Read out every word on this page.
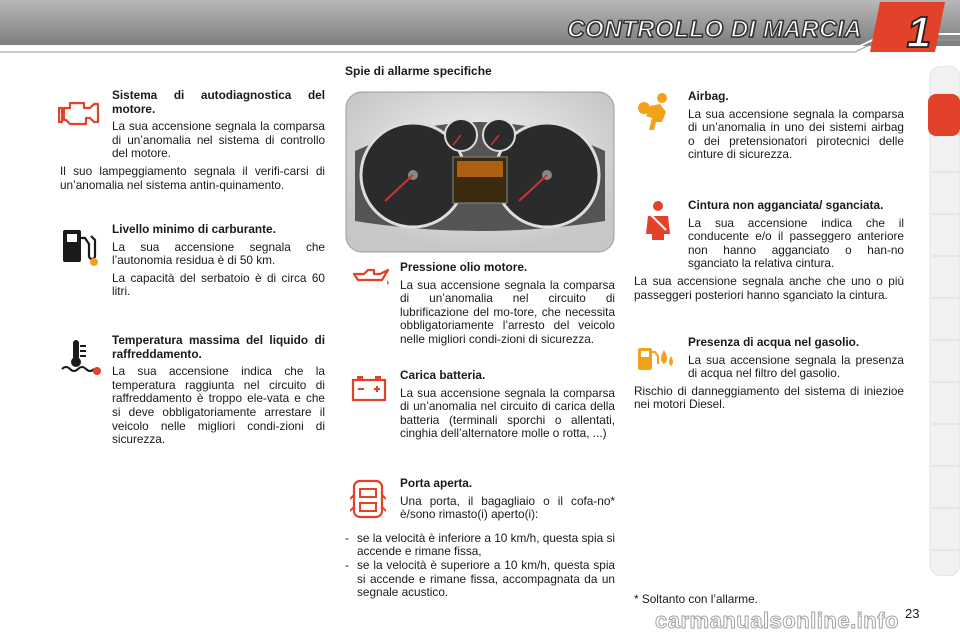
CONTROLLO DI MARCIA 1
Spie di allarme specifiche
Sistema di autodiagnostica del motore.

La sua accensione segnala la comparsa di un’anomalia nel sistema di controllo del motore.

Il suo lampeggiamento segnala il verifi-carsi di un’anomalia nel sistema antin-quinamento.

Livello minimo di carburante.

La sua accensione segnala che l’autonomia residua è di 50 km.

La capacità del serbatoio è di circa 60 litri.

Temperatura massima del liquido di raffreddamento.

La sua accensione indica che la temperatura raggiunta nel circuito di raffreddamento è troppo ele-vata e che si deve obbligatoriamente arrestare il veicolo nelle migliori condi-zioni di sicurezza.

Pressione olio motore.

La sua accensione segnala la comparsa di un’anomalia nel circuito di lubrificazione del mo-tore, che necessita obbligatoriamente l’arresto del veicolo nelle migliori condi-zioni di sicurezza.

Carica batteria.

La sua accensione segnala la comparsa di un’anomalia nel circuito di carica della batteria (terminali sporchi o allentati, cinghia dell’alternatore molle o rotta, ...)

Porta aperta.

Una porta, il bagagliaio o il cofa-no* è/sono rimasto(i) aperto(i):

- se la velocità è inferiore a 10 km/h, questa spia si accende e rimane fissa,
- se la velocità è superiore a 10 km/h, questa spia si accende e rimane fissa, accompagnata da un segnale acustico.
Airbag.

La sua accensione segnala la comparsa di un’anomalia in uno dei sistemi airbag o dei pretensionatori pirotecnici delle cinture di sicurezza.

Cintura non agganciata/ sganciata.

La sua accensione indica che il conducente e/o il passeggero anteriore non hanno agganciato o han-no sganciato la relativa cintura.

La sua accensione segnala anche che uno o più passeggeri posteriori hanno sganciato la cintura.

Presenza di acqua nel gasolio.

La sua accensione segnala la presenza di acqua nel filtro del gasolio.

Rischio di danneggiamento del sistema di iniezioe nei motori Diesel.

* Soltanto con l’allarme.
carmanualsonline.info 23
